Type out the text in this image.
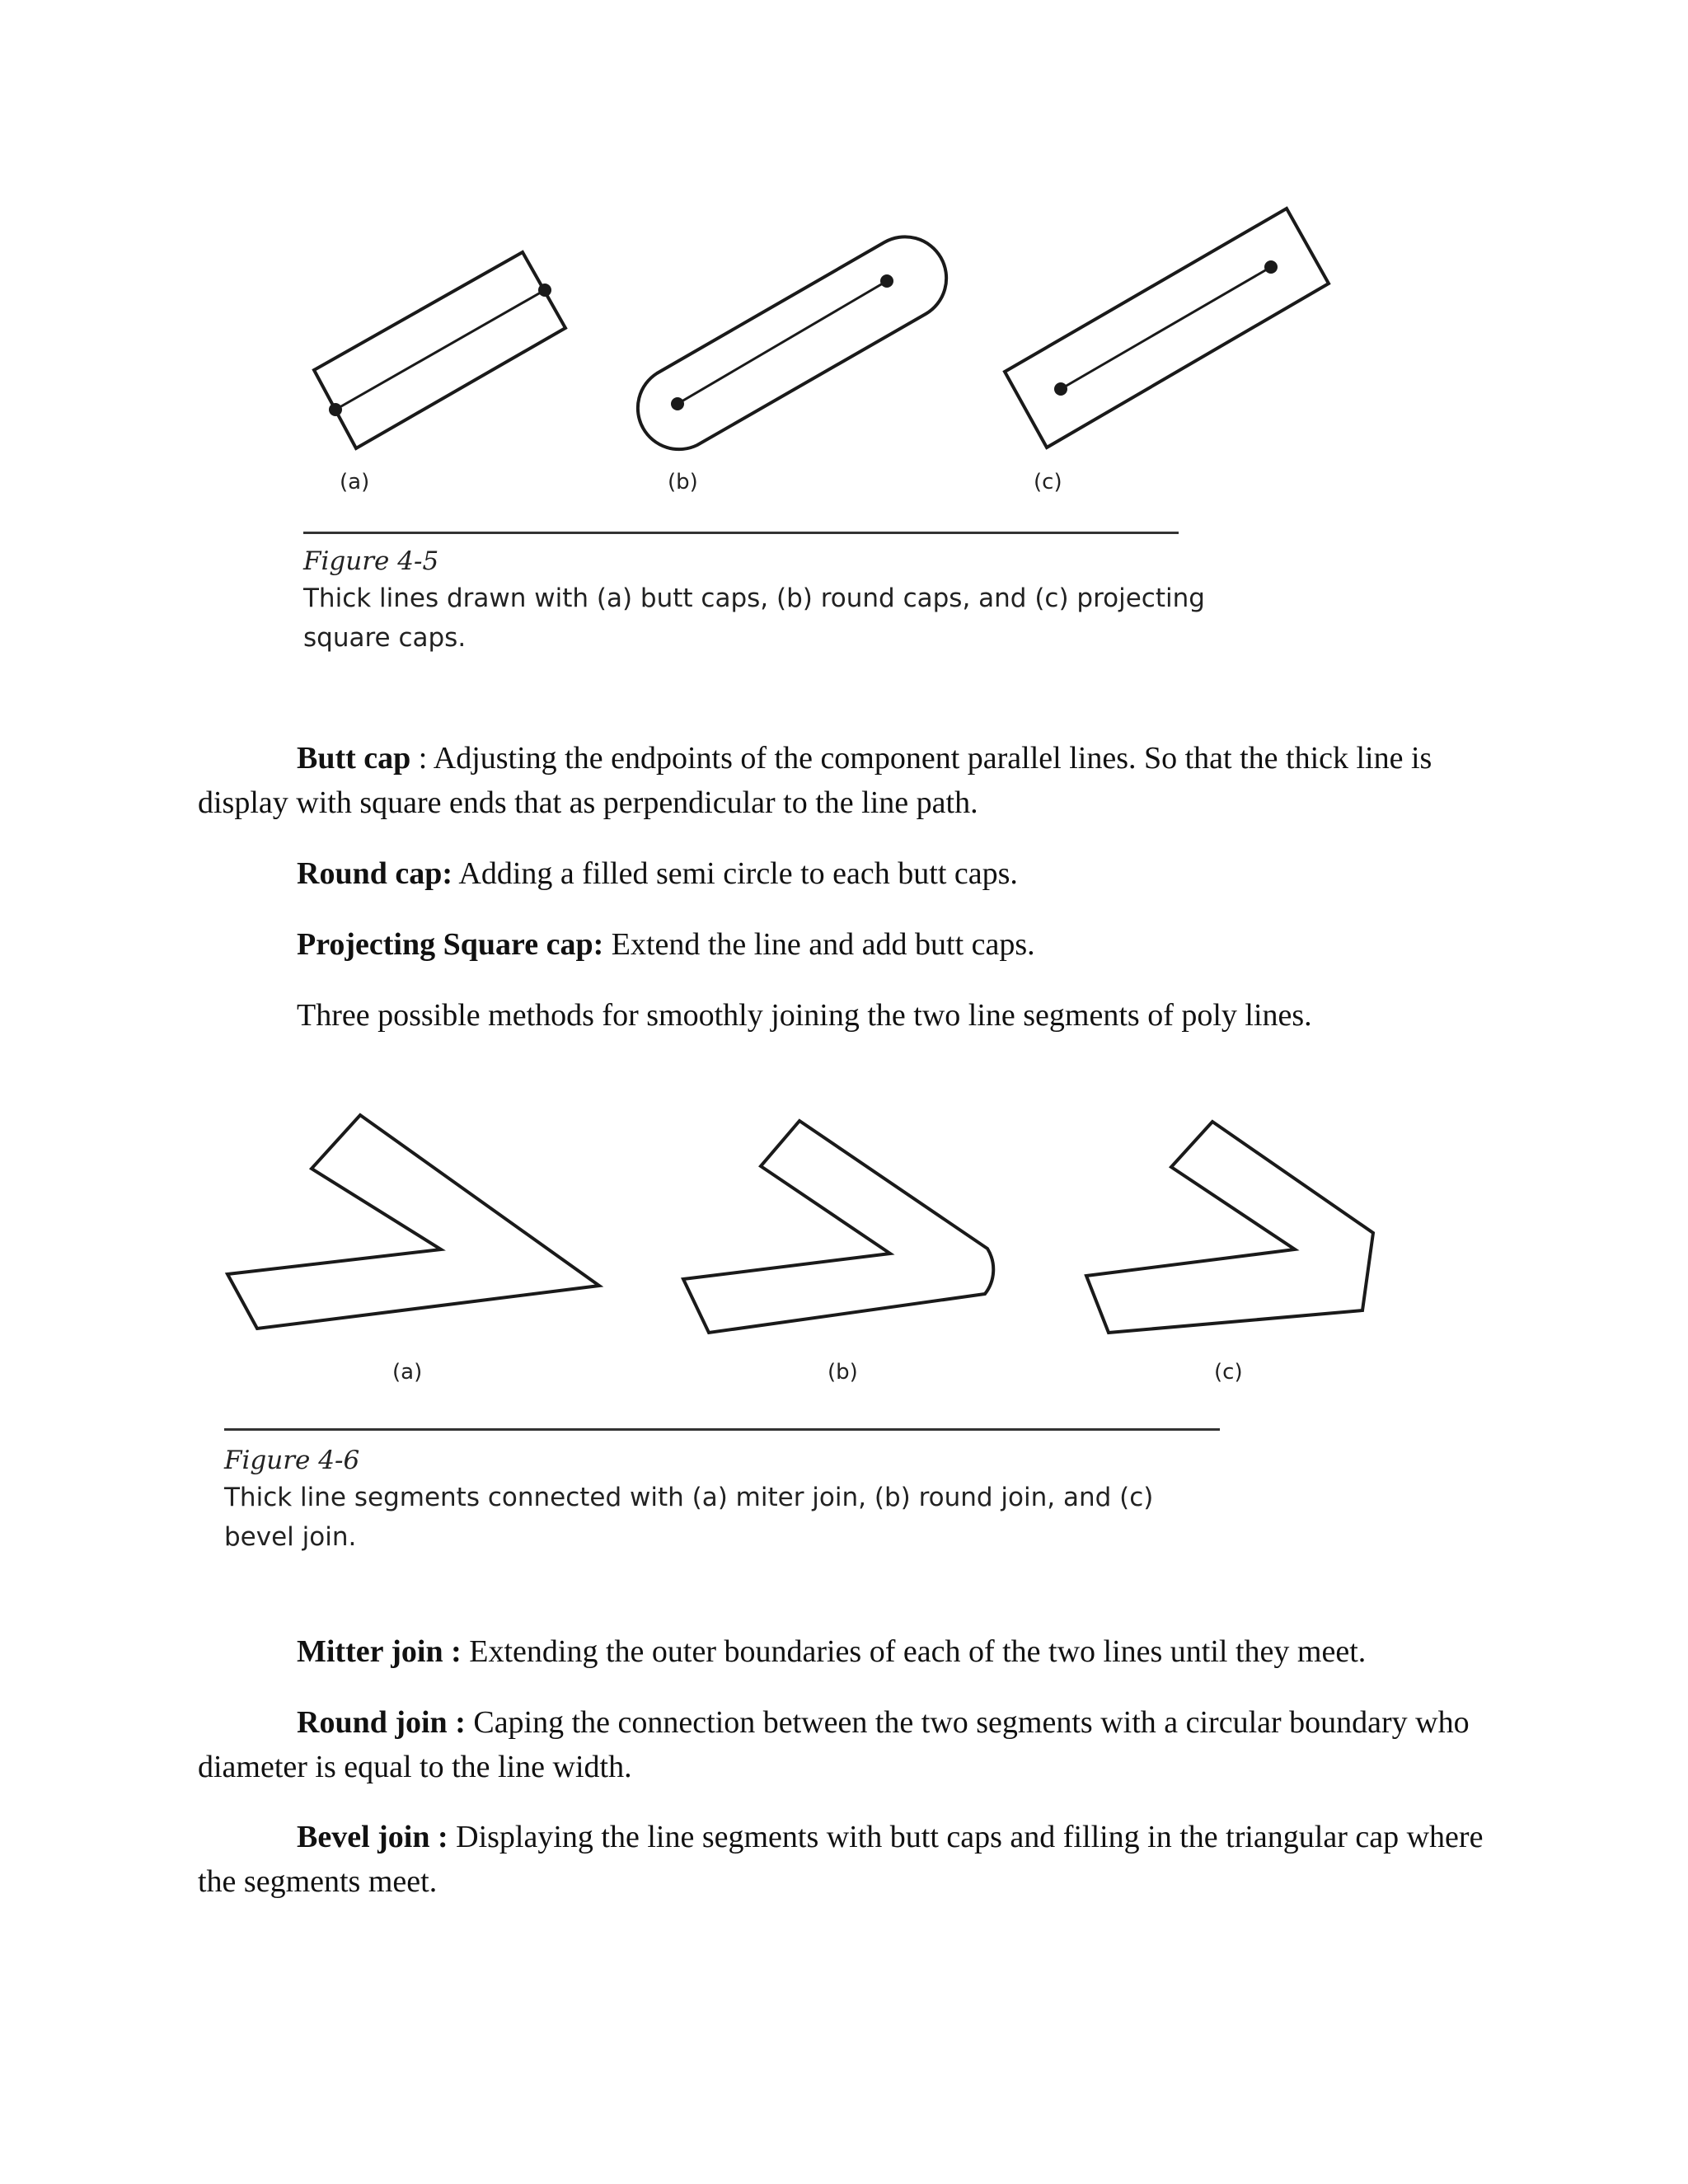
(a)	(b)	(c)
Figure 4-5
Thick lines drawn with (a) butt caps, (b) round caps, and (c) projecting
square caps.

Butt cap : Adjusting the endpoints of the component parallel lines. So that the thick line is display with square ends that as perpendicular to the line path.

Round cap: Adding a filled semi circle to each butt caps.

Projecting Square cap: Extend the line and add butt caps.

Three possible methods for smoothly joining the two line segments of poly lines.

(a)	(b)	(c)
Figure 4-6
Thick line segments connected with (a) miter join, (b) round join, and (c)
bevel join.

Mitter join : Extending the outer boundaries of each of the two lines until they meet.

Round join : Caping the connection between the two segments with a circular boundary who diameter is equal to the line width.

Bevel join : Displaying the line segments with butt caps and filling in the triangular cap where the segments meet.
